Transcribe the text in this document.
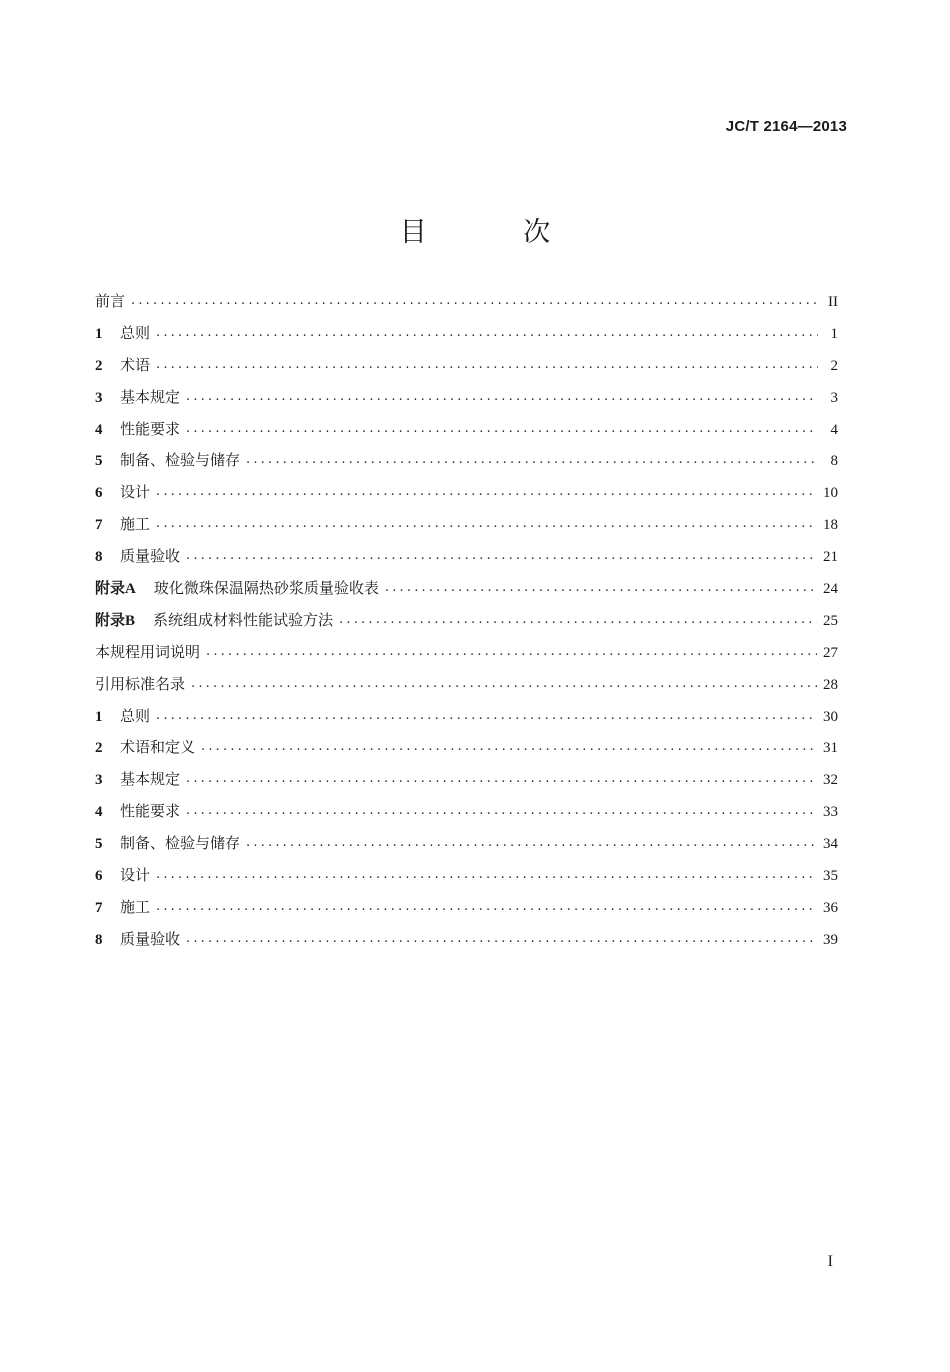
JC/T 2164—2013
目 次
前言 .....	II
1	总则 .....	1
2	术语 .....	2
3	基本规定 .....	3
4	性能要求 .....	4
5	制备、检验与储存 .....	8
6	设计 .....	10
7	施工 .....	18
8	质量验收 .....	21
附录A 玻化微珠保温隔热砂浆质量验收表 .....	24
附录B 系统组成材料性能试验方法 .....	25
本规程用词说明 .....	27
引用标准名录 .....	28
1	总则 .....	30
2	术语和定义 .....	31
3	基本规定 .....	32
4	性能要求 .....	33
5	制备、检验与储存 .....	34
6	设计 .....	35
7	施工 .....	36
8	质量验收 .....	39
I
